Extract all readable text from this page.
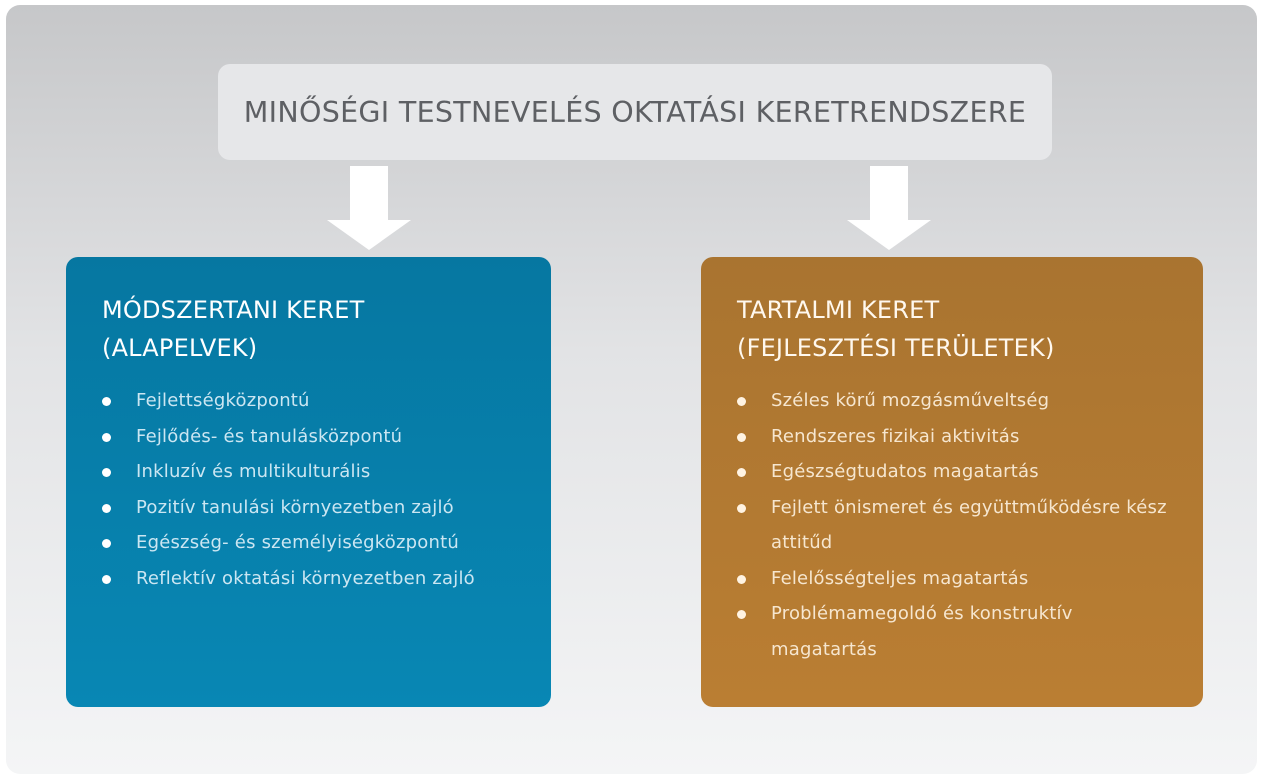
MINŐSÉGI TESTNEVELÉS OKTATÁSI KERETRENDSZERE
MÓDSZERTANI KERET
(ALAPELVEK)
Fejlettségközpontú
Fejlődés- és tanulásközpontú
Inkluzív és multikulturális
Pozitív tanulási környezetben zajló
Egészség- és személyiségközpontú
Reflektív oktatási környezetben zajló
TARTALMI KERET
(FEJLESZTÉSI TERÜLETEK)
Széles körű mozgásműveltség
Rendszeres fizikai aktivitás
Egészségtudatos magatartás
Fejlett önismeret és együttműködésre kész attitűd
Felelősségteljes magatartás
Problémamegoldó és konstruktív magatartás
